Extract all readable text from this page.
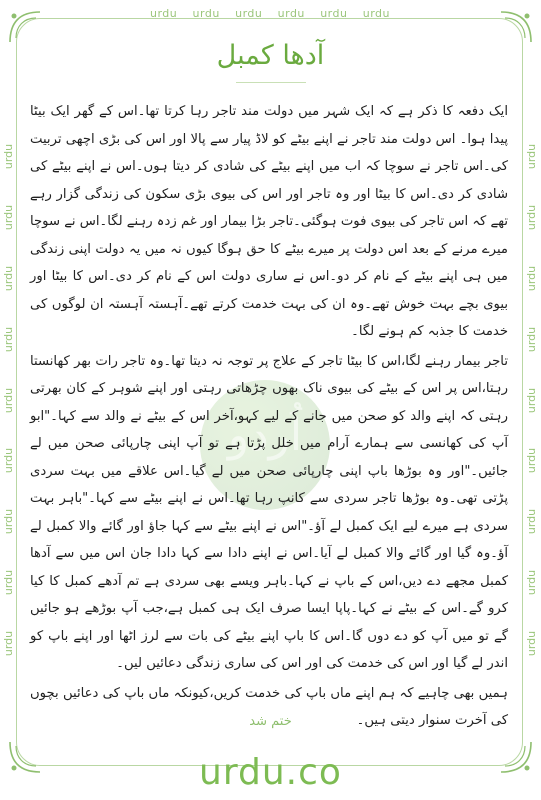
urdu urdu urdu urdu urdu urdu
urdu
urdu
urdu
urdu
urdu
urdu
urdu
urdu
urdu
urdu
urdu
urdu
urdu
urdu
urdu
urdu
urdu
urdu
آدھا کمبل
اُردو

ایک دفعہ کا ذکر ہے کہ ایک شہر میں دولت مند تاجر رہا کرتا تھا۔اس کے گھر ایک بیٹا پیدا ہوا۔ اس دولت مند تاجر نے اپنے بیٹے کو لاڈ پیار سے پالا اور اس کی بڑی اچھی تربیت کی۔اس تاجر نے سوچا کہ اب میں اپنے بیٹے کی شادی کر دیتا ہوں۔اس نے اپنے بیٹے کی شادی کر دی۔اس کا بیٹا اور وہ تاجر اور اس کی بیوی بڑی سکون کی زندگی گزار رہے تھے کہ اس تاجر کی بیوی فوت ہوگئی۔تاجر بڑا بیمار اور غم زدہ رہنے لگا۔اس نے سوچا میرے مرنے کے بعد اس دولت پر میرے بیٹے کا حق ہوگا کیوں نہ میں یہ دولت اپنی زندگی میں ہی اپنے بیٹے کے نام کر دو۔اس نے ساری دولت اس کے نام کر دی۔اس کا بیٹا اور بیوی بچے بہت خوش تھے۔وہ ان کی بہت خدمت کرتے تھے۔آہستہ آہستہ ان لوگوں کی خدمت کا جذبہ کم ہونے لگا۔

تاجر بیمار رہنے لگا،اس کا بیٹا تاجر کے علاج پر توجہ نہ دیتا تھا۔وہ تاجر رات بھر کھانستا رہتا،اس پر اس کے بیٹے کی بیوی ناک بھوں چڑھاتی رہتی اور اپنے شوہر کے کان بھرتی رہتی کہ اپنے والد کو صحن میں جانے کے لیے کہو،آخر اس کے بیٹے نے والد سے کہا۔"ابو آپ کی کھانسی سے ہمارے آرام میں خلل پڑتا ہے تو آپ اپنی چارپائی صحن میں لے جائیں۔"اور وہ بوڑھا باپ اپنی چارپائی صحن میں لے گیا۔اس علاقے میں بہت سردی پڑتی تھی۔وہ بوڑھا تاجر سردی سے کانپ رہا تھا۔اس نے اپنے بیٹے سے کہا۔"باہر بہت سردی ہے میرے لیے ایک کمبل لے آؤ۔"اس نے اپنے بیٹے سے کہا جاؤ اور گائے والا کمبل لے آؤ۔وہ گیا اور گائے والا کمبل لے آیا۔اس نے اپنے دادا سے کہا دادا جان اس میں سے آدھا کمبل مجھے دے دیں،اس کے باپ نے کہا۔باہر ویسے بھی سردی ہے تم آدھے کمبل کا کیا کرو گے۔اس کے بیٹے نے کہا۔پاپا ایسا صرف ایک ہی کمبل ہے،جب آپ بوڑھے ہو جائیں گے تو میں آپ کو دے دوں گا۔اس کا باپ اپنے بیٹے کی بات سے لرز اٹھا اور اپنے باپ کو اندر لے گیا اور اس کی خدمت کی اور اس کی ساری زندگی دعائیں لیں۔

ہمیں بھی چاہیے کہ ہم اپنے ماں باپ کی خدمت کریں،کیونکہ ماں باپ کی دعائیں بچوں کی آخرت سنوار دیتی ہیں۔

ختم شد
urdu.co
